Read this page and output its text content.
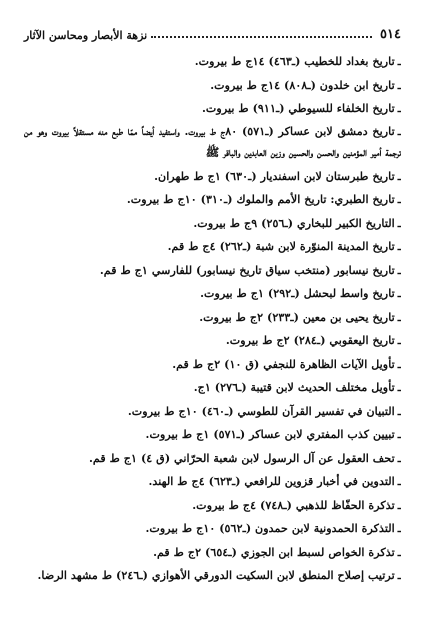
٥١٤
نزهة الأبصار ومحاسن الآثار
ـتاريخ بغداد للخطيب (ـ٤٦٣) ١٤ج ط بيروت.
ـتاريخ ابن خلدون (ـ٨٠٨) ١٤ج ط بيروت.
ـتاريخ الخلفاء للسيوطي (ـ٩١١) ط بيروت.
ـتاريخ دمشق لابن عساكر (ـ٥٧١) ٨٠ج ط بيروت. واستفيد أيضاً ممّا طبع منه مستقلاً بيروت وهو من ترجمة أمير المؤمنين والحسن والحسين وزين العابدين والباقر ﷺ
ـتاريخ طبرستان لابن اسفنديار (ـ٦٣٠) ١ج ط طهران.
ـتاريخ الطبري: تاريخ الأمم والملوك (ـ٣١٠) ١٠ج ط بيروت.
ـالتاريخ الكبير للبخاري (ـ٢٥٦) ٩ج ط بيروت.
ـتاريخ المدينة المنوّرة لابن شبة (ـ٢٦٢) ٤ج ط قم.
ـتاريخ نيسابور (منتخب سياق تاريخ نيسابور) للفارسي ١ج ط قم.
ـتاريخ واسط لبحشل (ـ٢٩٢) ١ج ط بيروت.
ـتاريخ يحيى بن معين (ـ٢٣٣) ٢ج ط بيروت.
ـتاريخ اليعقوبي (ـ٢٨٤) ٢ج ط بيروت.
ـتأويل الآيات الظاهرة للنجفي (ق ١٠) ٢ج ط قم.
ـتأويل مختلف الحديث لابن قتيبة (ـ٢٧٦) ١ج.
ـالتبيان في تفسير القرآن للطوسي (ـ٤٦٠) ١٠ج ط بيروت.
ـتبيين كذب المفتري لابن عساكر (ـ٥٧١) ١ج ط بيروت.
ـتحف العقول عن آل الرسول لابن شعبة الحرّاني (ق ٤) ١ج ط قم.
ـالتدوين في أخبار قزوين للرافعي (ـ٦٢٣) ٤ج ط الهند.
ـتذكرة الحفّاظ للذهبي (ـ٧٤٨) ٤ج ط بيروت.
ـالتذكرة الحمدونية لابن حمدون (ـ٥٦٢) ١٠ج ط بيروت.
ـتذكرة الخواص لسبط ابن الجوزي (ـ٦٥٤) ٢ج ط قم.
ـترتيب إصلاح المنطق لابن السكيت الدورقي الأهوازي (ـ٢٤٦) ط مشهد الرضا.
